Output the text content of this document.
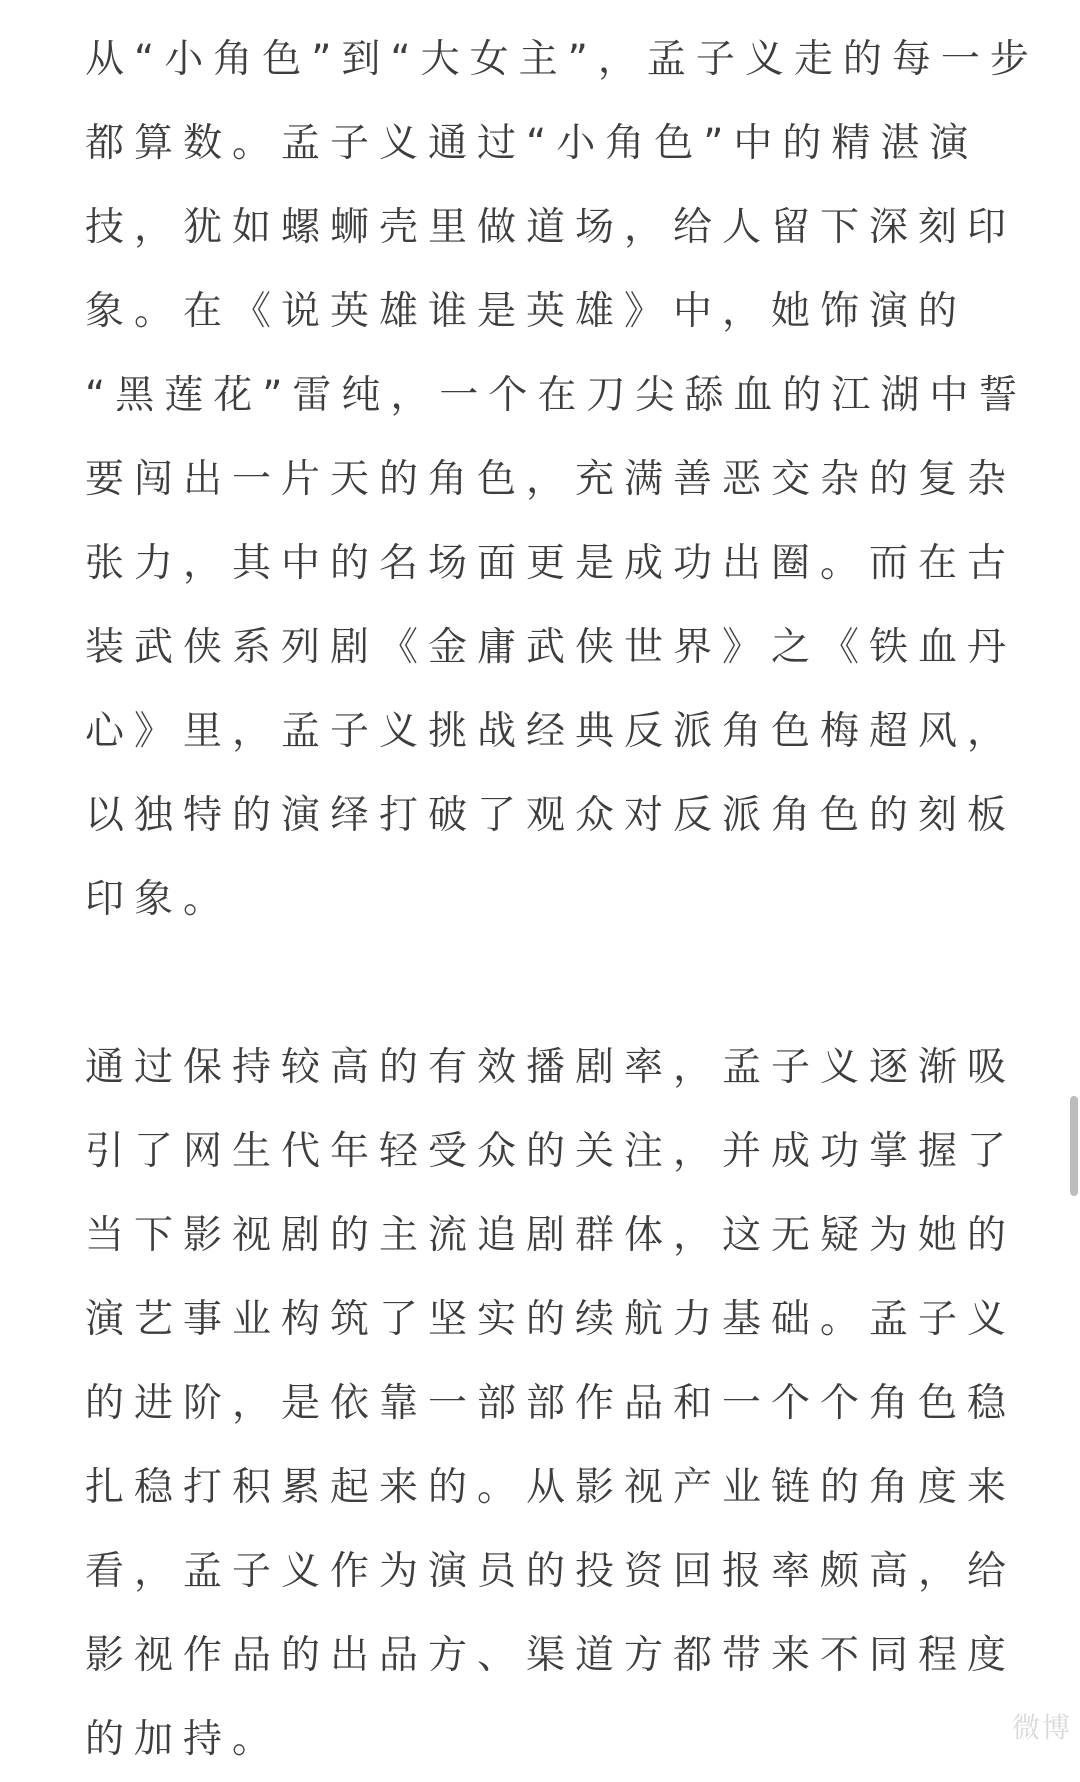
从“小角色”到“大女主”，孟子义走的每一步
都算数。孟子义通过“小角色”中的精湛演
技，犹如螺蛳壳里做道场，给人留下深刻印
象。在《说英雄谁是英雄》中，她饰演的
“黑莲花”雷纯，一个在刀尖舔血的江湖中誓
要闯出一片天的角色，充满善恶交杂的复杂
张力，其中的名场面更是成功出圈。而在古
装武侠系列剧《金庸武侠世界》之《铁血丹
心》里，孟子义挑战经典反派角色梅超风，
以独特的演绎打破了观众对反派角色的刻板
印象。
通过保持较高的有效播剧率，孟子义逐渐吸
引了网生代年轻受众的关注，并成功掌握了
当下影视剧的主流追剧群体，这无疑为她的
演艺事业构筑了坚实的续航力基础。孟子义
的进阶，是依靠一部部作品和一个个角色稳
扎稳打积累起来的。从影视产业链的角度来
看，孟子义作为演员的投资回报率颇高，给
影视作品的出品方、渠道方都带来不同程度
的加持。	微博
